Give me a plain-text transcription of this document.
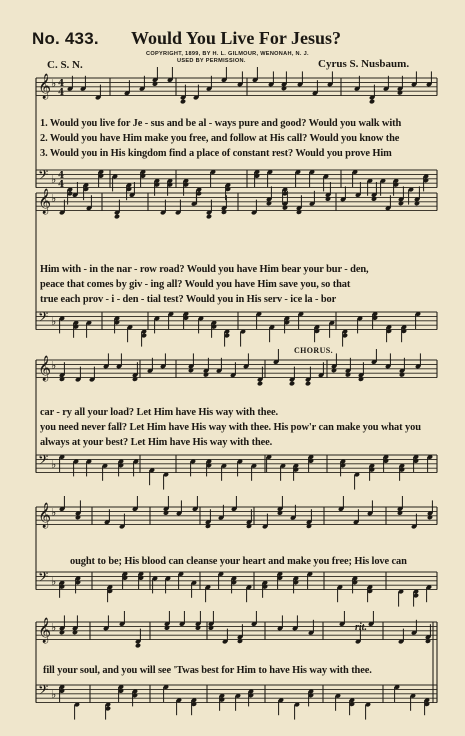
No. 433. Would You Live For Jesus?
COPYRIGHT, 1899, BY H. L. GILMOUR, WENONAH, N. J.
USED BY PERMISSION.
C. S. N.	Cyrus S. Nusbaum.
𝄞 ♭ 4
4
𝄢 ♭ 4
4
𝄞 ♭
𝄢 ♭
𝄞 ♭
𝄢 ♭
𝄞 ♭
𝄢 ♭
𝄞 ♭
𝄢 ♭
1. Would you live for Je - sus and be al - ways pure and good? Would you walk with
2. Would you have Him make you free, and follow at His call? Would you know the
3. Would you in His kingdom find a place of constant rest? Would you prove Him
Him with - in the nar - row road? Would you have Him bear your bur - den,
peace that comes by giv - ing all? Would you have Him save you, so that
true each prov - i - den - tial test? Would you in His serv - ice la - bor
CHORUS.
car - ry all your load? Let Him have His way with thee.
you need never fall? Let Him have His way with thee. His pow'r can make you what you
always at your best? Let Him have His way with thee.
ought to be; His blood can cleanse your heart and make you free; His love can
rit.
fill your soul, and you will see 'Twas best for Him to have His way with thee.
